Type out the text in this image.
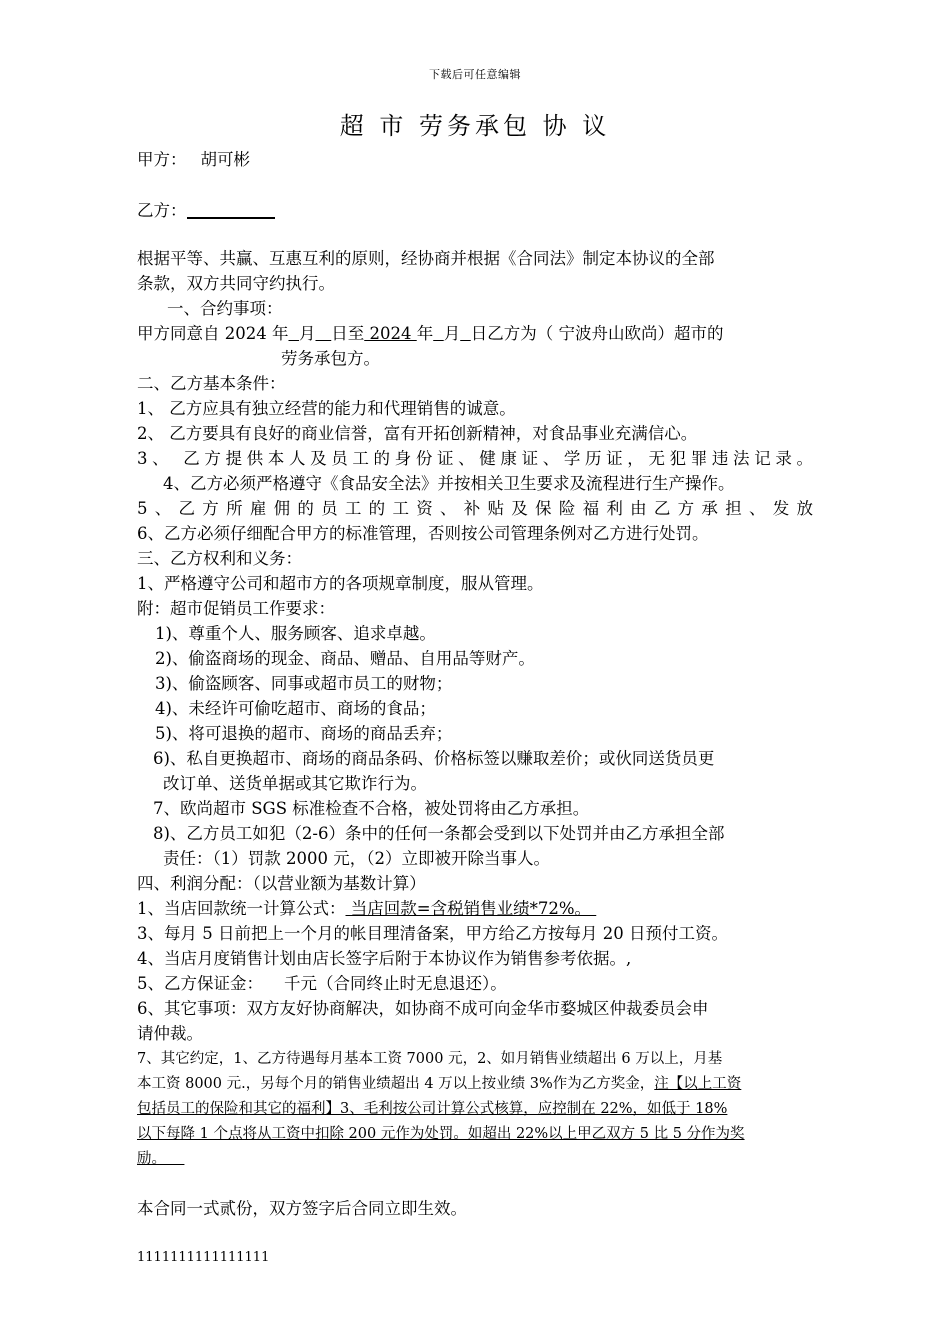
下载后可任意编辑
超 市 劳务承包 协 议
甲方： 胡可彬
乙方：
根据平等、共赢、互惠互利的原则，经协商并根据《合同法》制定本协议的全部
条款，双方共同守约执行。
一、合约事项：
甲方同意自 2024 年 月 日至 2024 年 月 日乙方为（ 宁波舟山欧尚）超市的
劳务承包方。
二、乙方基本条件：
1、 乙方应具有独立经营的能力和代理销售的诚意。
2、 乙方要具有良好的商业信誉，富有开拓创新精神，对食品事业充满信心。
3、 乙方提供本人及员工的身份证、健康证、学历证，无犯罪违法记录。
4、乙方必须严格遵守《食品安全法》并按相关卫生要求及流程进行生产操作。
5、乙方所雇佣的员工的工资、补贴及保险福利由乙方承担、发放
6、乙方必须仔细配合甲方的标准管理，否则按公司管理条例对乙方进行处罚。
三、乙方权利和义务：
1、严格遵守公司和超市方的各项规章制度，服从管理。
附：超市促销员工作要求：
1)、尊重个人、服务顾客、追求卓越。
2)、偷盗商场的现金、商品、赠品、自用品等财产。
3)、偷盗顾客、同事或超市员工的财物；
4)、未经许可偷吃超市、商场的食品；
5)、将可退换的超市、商场的商品丢弃；
6)、私自更换超市、商场的商品条码、价格标签以赚取差价；或伙同送货员更
改订单、送货单据或其它欺诈行为。
7、欧尚超市 SGS 标准检查不合格，被处罚将由乙方承担。
8)、乙方员工如犯（2-6）条中的任何一条都会受到以下处罚并由乙方承担全部
责任：（1）罚款 2000 元，（2）立即被开除当事人。
四、利润分配：（以营业额为基数计算）
1、当店回款统一计算公式： 当店回款=含税销售业绩*72%。
3、每月 5 日前把上一个月的帐目理清备案，甲方给乙方按每月 20 日预付工资。
4、当店月度销售计划由店长签字后附于本协议作为销售参考依据。,
5、乙方保证金：    千元（合同终止时无息退还）。
6、其它事项：双方友好协商解决，如协商不成可向金华市婺城区仲裁委员会申
请仲裁。
7、其它约定，1、乙方待遇每月基本工资 7000 元，2、如月销售业绩超出 6 万以上，月基
本工资 8000 元.，另每个月的销售业绩超出 4 万以上按业绩 3%作为乙方奖金，注【以上工资
包括员工的保险和其它的福利】3、毛利按公司计算公式核算，应控制在 22%，如低于 18%
以下每降 1 个点将从工资中扣除 200 元作为处罚。如超出 22%以上甲乙双方 5 比 5 分作为奖
励。
本合同一式贰份，双方签字后合同立即生效。
1111111111111111
